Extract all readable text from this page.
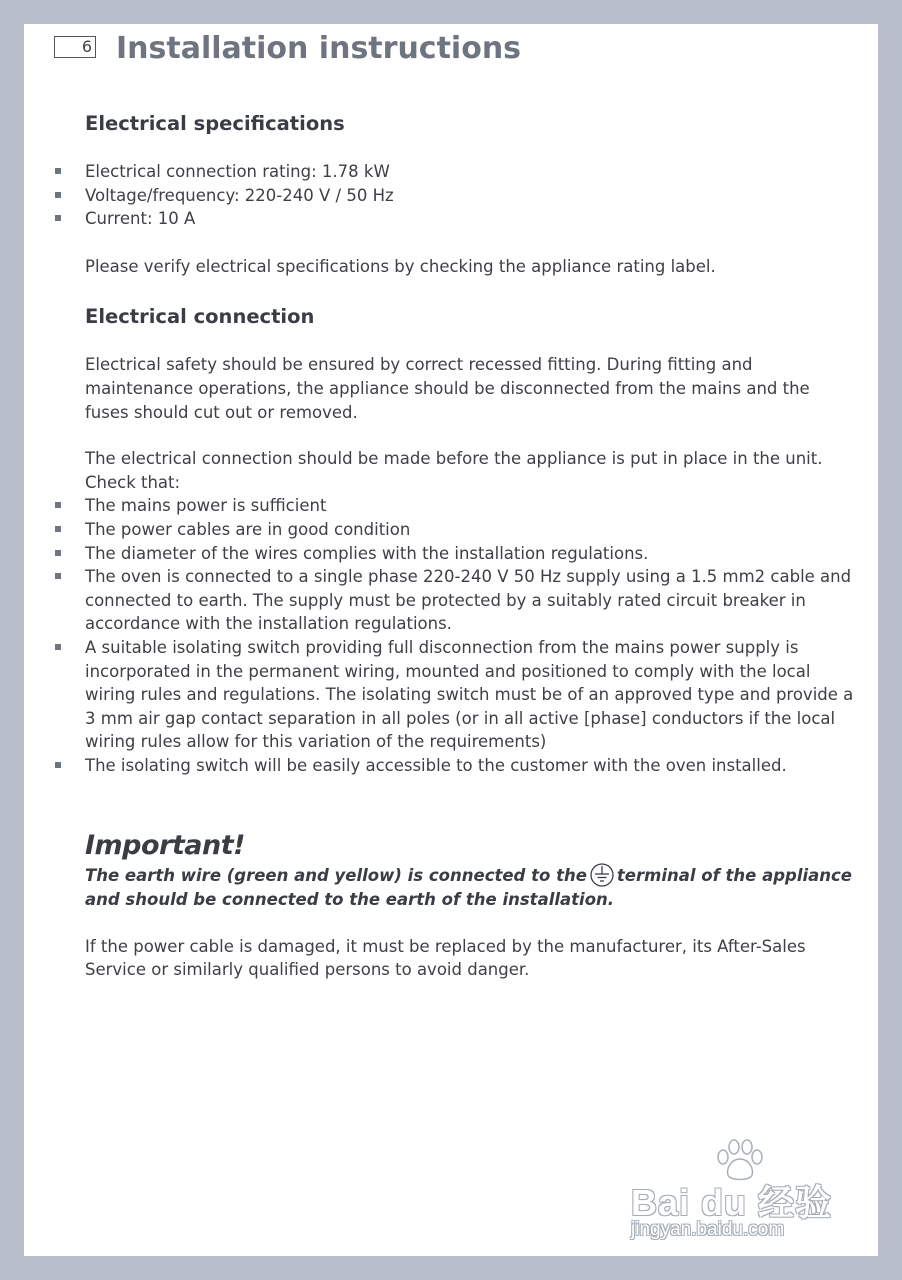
6 Installation instructions
Electrical specifications
Electrical connection rating: 1.78 kW
Voltage/frequency: 220-240 V / 50 Hz
Current: 10 A

Please verify electrical specifications by checking the appliance rating label.

Electrical connection

Electrical safety should be ensured by correct recessed fitting. During fitting and maintenance operations, the appliance should be disconnected from the mains and the fuses should cut out or removed.

The electrical connection should be made before the appliance is put in place in the unit. Check that:

The mains power is sufficient
The power cables are in good condition
The diameter of the wires complies with the installation regulations.
The oven is connected to a single phase 220-240 V 50 Hz supply using a 1.5 mm2 cable and connected to earth. The supply must be protected by a suitably rated circuit breaker in accordance with the installation regulations.
A suitable isolating switch providing full disconnection from the mains power supply is incorporated in the permanent wiring, mounted and positioned to comply with the local wiring rules and regulations. The isolating switch must be of an approved type and provide a 3 mm air gap contact separation in all poles (or in all active [phase] conductors if the local wiring rules allow for this variation of the requirements)
The isolating switch will be easily accessible to the customer with the oven installed.
Important!

The earth wire (green and yellow) is connected to the terminal of the appliance and should be connected to the earth of the installation.

If the power cable is damaged, it must be replaced by the manufacturer, its After-Sales Service or similarly qualified persons to avoid danger.

Bai du 经验
jingyan.baidu.com
